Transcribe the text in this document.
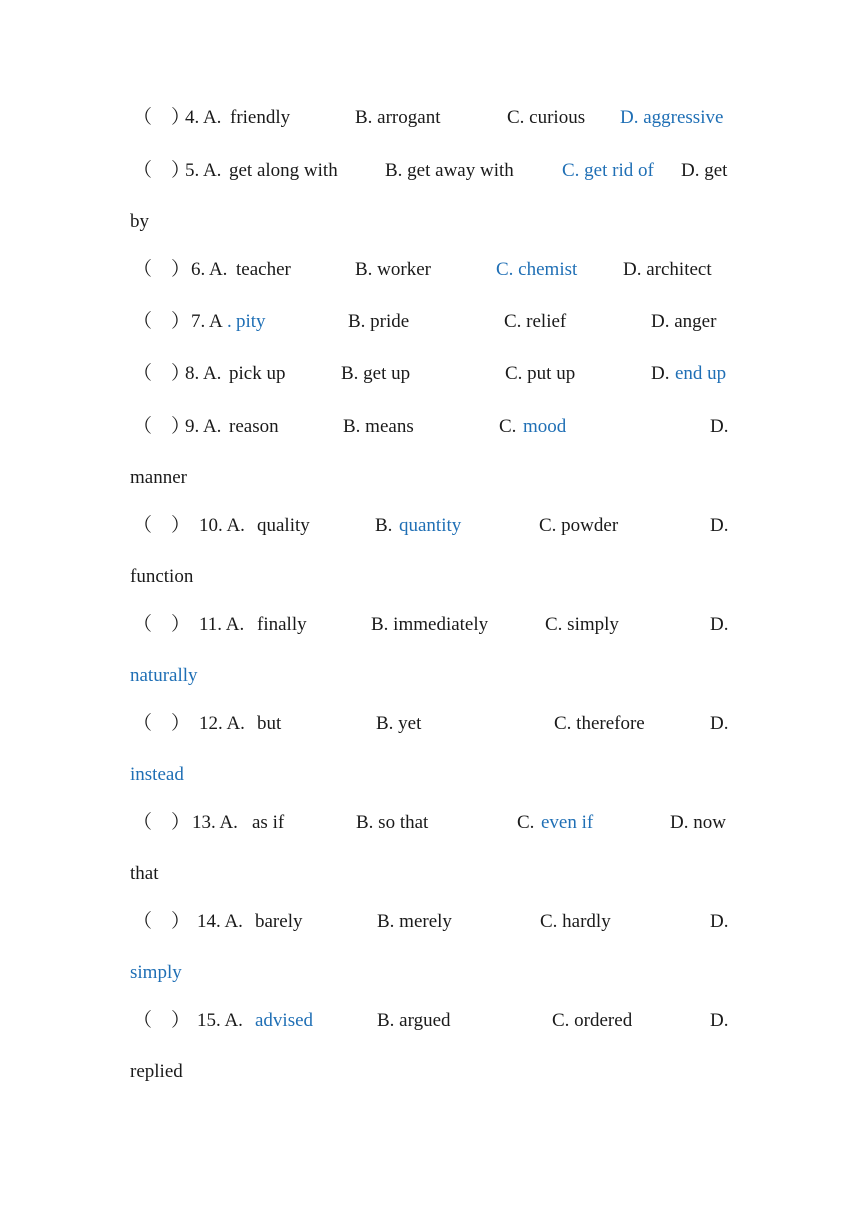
（　）
4. A. friendly	B. arrogant	C. curious D. aggressive
（　）
5. A. get along with B. get away with	C. get rid of D. get
by
（　） 6. A. teacher	B. worker	C. chemist D. architect
（　） 7. A . pity	B. pride	C. relief	D. anger
（　）
8. A. pick up	B. get up	C. put up	D. end up
（　）
9. A. reason	B. means	C. mood	D.
manner
（　） 10. A. quality	B. quantity	C. powder	D.
function
（　） 11. A. finally	B. immediately	C. simply	D.
naturally
（　） 12. A. but	B. yet	C. therefore	D.
instead
（　） 13. A. as if	B. so that	C. even if	D. now
that
（　） 14. A. barely	B. merely	C. hardly	D.
simply
（　） 15. A. advised	B. argued	C. ordered	D.
replied
